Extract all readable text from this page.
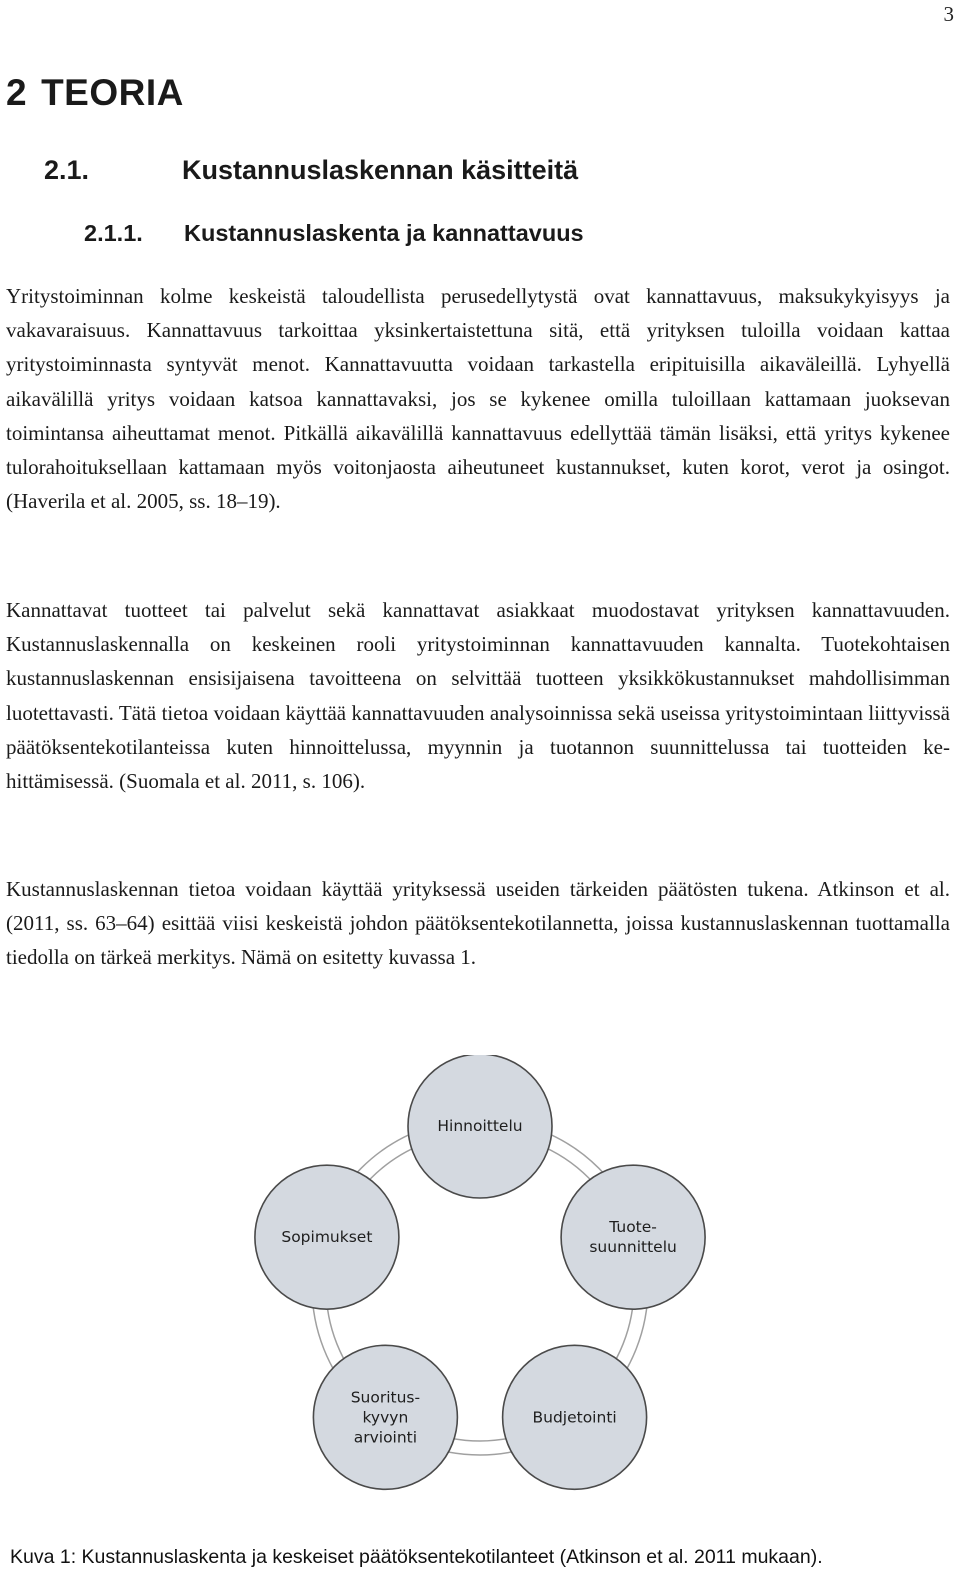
3
2 TEORIA
2.1.	Kustannuslaskennan käsitteitä
2.1.1. Kustannuslaskenta ja kannattavuus

Yritystoiminnan kolme keskeistä taloudellista perusedellytystä ovat kannattavuus, maksukykyisyys ja vakavaraisuus. Kannattavuus tarkoittaa yksinkertaistettuna sitä, että yrityksen tuloilla voidaan kattaa yritystoiminnasta syntyvät menot. Kannattavuutta voidaan tarkastella eripituisilla aikaväleillä. Lyhyellä aikavälillä yritys voidaan katsoa kannattavaksi, jos se kykenee omilla tuloillaan kattamaan juoksevan toimintansa aiheuttamat menot. Pitkällä aikavälillä kannattavuus edellyttää tämän lisäksi, että yritys kykenee tulorahoituksellaan kattamaan myös voitonjaosta aiheutuneet kustannukset, kuten korot, verot ja osingot. (Haverila et al. 2005, ss. 18–19).

Kannattavat tuotteet tai palvelut sekä kannattavat asiakkaat muodostavat yrityksen kannattavuuden. Kustannuslaskennalla on keskeinen rooli yritystoiminnan kannattavuuden kannalta. Tuotekohtaisen kustannuslaskennan ensisijaisena tavoitteena on selvittää tuotteen yksikkökustannukset mahdollisimman luotettavasti. Tätä tietoa voidaan käyttää kannattavuuden analysoinnissa sekä useissa yritystoimintaan liittyvissä päätöksentekotilanteissa kuten hinnoittelussa, myynnin ja tuotannon suunnittelussa tai tuotteiden kehittämisessä. (Suomala et al. 2011, s. 106).

Kustannuslaskennan tietoa voidaan käyttää yrityksessä useiden tärkeiden päätösten tukena. Atkinson et al. (2011, ss. 63–64) esittää viisi keskeistä johdon päätöksentekotilannetta, joissa kustannuslaskennan tuottamalla tiedolla on tärkeä merkitys. Nämä on esitetty kuvassa 1.

Hinnoittelu
Tuote-
suunnittelu
Budjetointi
Suoritus-
kyvyn
arviointi
Sopimukset
Kuva 1: Kustannuslaskenta ja keskeiset päätöksentekotilanteet (Atkinson et al. 2011 mukaan).
